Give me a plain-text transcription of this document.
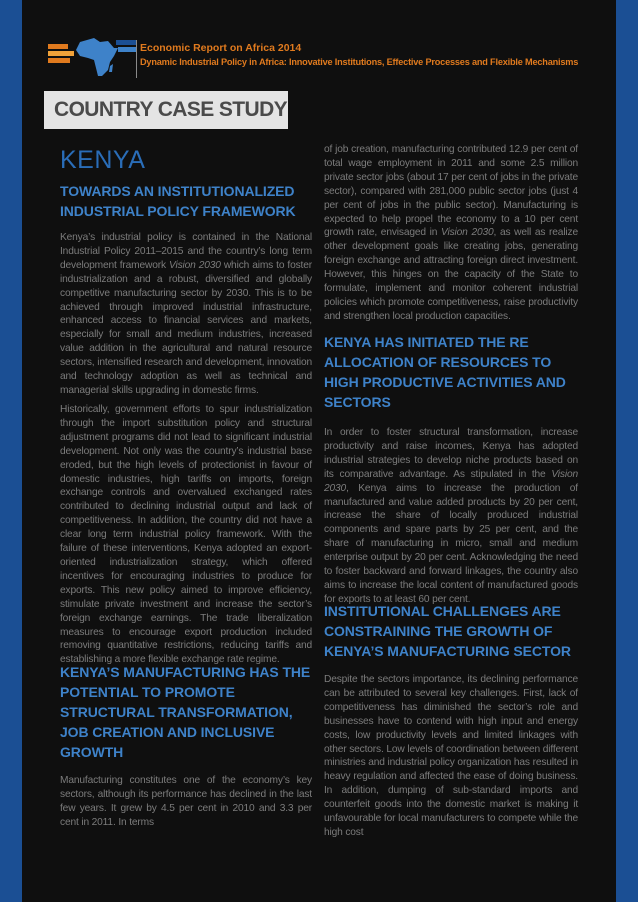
Economic Report on Africa 2014
Dynamic Industrial Policy in Africa: Innovative Institutions, Effective Processes and Flexible Mechanisms
COUNTRY CASE STUDY
KENYA
TOWARDS AN INSTITUTIONALIZED INDUSTRIAL POLICY FRAMEWORK

Kenya’s industrial policy is contained in the National Industrial Policy 2011–2015 and the country’s long term development framework Vision 2030 which aims to foster industrialization and a robust, diversified and globally competitive manufacturing sector by 2030. This is to be achieved through improved industrial infrastructure, enhanced access to financial services and markets, especially for small and medium industries, increased value addition in the agricultural and natural resource sectors, intensified research and development, innovation and technology adoption as well as technical and managerial skills upgrading in domestic firms.

Historically, government efforts to spur industrialization through the import substitution policy and structural adjustment programs did not lead to significant industrial development. Not only was the country’s industrial base eroded, but the high levels of protectionist in favour of domestic industries, high tariffs on imports, foreign exchange controls and overvalued exchanged rates contributed to declining industrial output and lack of competitiveness. In addition, the country did not have a clear long term industrial policy framework. With the failure of these interventions, Kenya adopted an export-oriented industrialization strategy, which offered incentives for encouraging industries to produce for exports. This new policy aimed to improve efficiency, stimulate private investment and increase the sector’s foreign exchange earnings. The trade liberalization measures to encourage export production included removing quantitative restrictions, reducing tariffs and establishing a more flexible exchange rate regime.

KENYA’S MANUFACTURING HAS THE POTENTIAL TO PROMOTE STRUCTURAL TRANSFORMATION, JOB CREATION AND INCLUSIVE GROWTH

Manufacturing constitutes one of the economy’s key sectors, although its performance has declined in the last few years. It grew by 4.5 per cent in 2010 and 3.3 per cent in 2011. In terms

of job creation, manufacturing contributed 12.9 per cent of total wage employment in 2011 and some 2.5 million private sector jobs (about 17 per cent of jobs in the private sector), compared with 281,000 public sector jobs (just 4 per cent of jobs in the public sector). Manufacturing is expected to help propel the economy to a 10 per cent growth rate, envisaged in Vision 2030, as well as realize other development goals like creating jobs, generating foreign exchange and attracting foreign direct investment. However, this hinges on the capacity of the State to formulate, implement and monitor coherent industrial policies which promote competitiveness, raise productivity and strengthen local production capacities.

KENYA HAS INITIATED THE RE ALLOCATION OF RESOURCES TO HIGH PRODUCTIVE ACTIVITIES AND SECTORS

In order to foster structural transformation, increase productivity and raise incomes, Kenya has adopted industrial strategies to develop niche products based on its comparative advantage. As stipulated in the Vision 2030, Kenya aims to increase the production of manufactured and value added products by 20 per cent, increase the share of locally produced industrial components and spare parts by 25 per cent, and the share of manufacturing in micro, small and medium enterprise output by 20 per cent. Acknowledging the need to foster backward and forward linkages, the country also aims to increase the local content of manufactured goods for exports to at least 60 per cent.

INSTITUTIONAL CHALLENGES ARE CONSTRAINING THE GROWTH OF KENYA’S MANUFACTURING SECTOR

Despite the sectors importance, its declining performance can be attributed to several key challenges. First, lack of competitiveness has diminished the sector’s role and businesses have to contend with high input and energy costs, low productivity levels and limited linkages with other sectors. Low levels of coordination between different ministries and industrial policy organization has resulted in heavy regulation and affected the ease of doing business. In addition, dumping of sub-standard imports and counterfeit goods into the domestic market is making it unfavourable for local manufacturers to compete while the high cost
